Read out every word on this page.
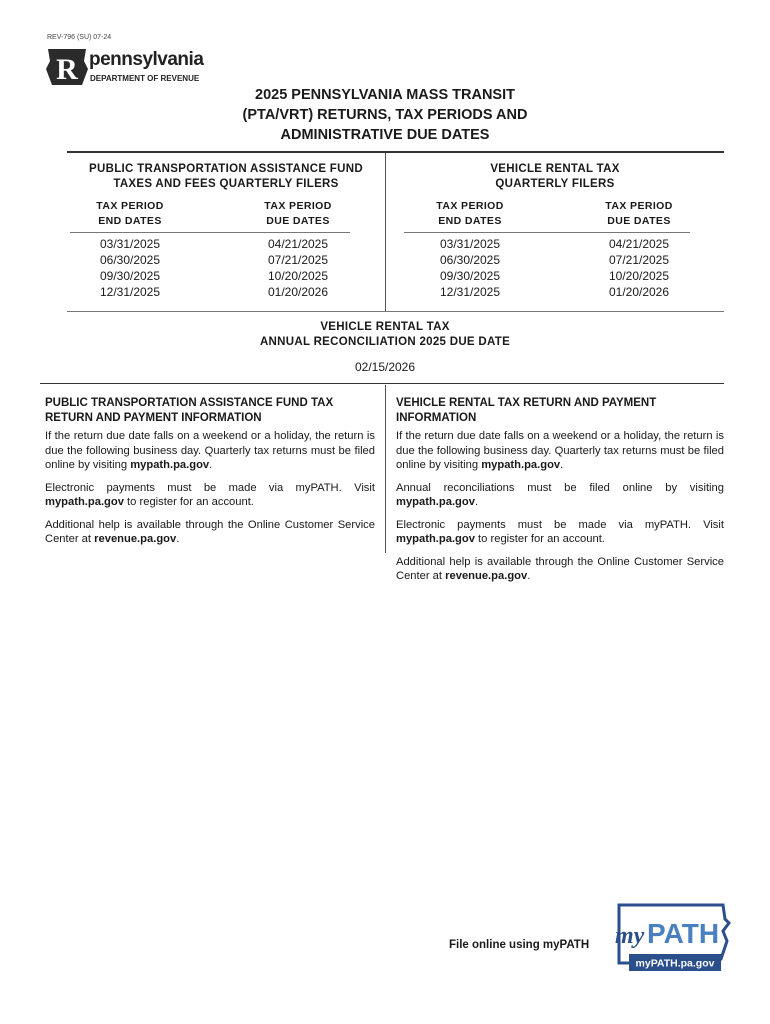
REV-796 (SU) 07-24
R pennsylvania
DEPARTMENT OF REVENUE
2025 PENNSYLVANIA MASS TRANSIT
(PTA/VRT) RETURNS, TAX PERIODS AND
ADMINISTRATIVE DUE DATES
PUBLIC TRANSPORTATION ASSISTANCE FUND
TAXES AND FEES QUARTERLY FILERS
TAX PERIOD
END DATES
TAX PERIOD
DUE DATES
03/31/2025
06/30/2025
09/30/2025
12/31/2025
04/21/2025
07/21/2025
10/20/2025
01/20/2026
VEHICLE RENTAL TAX
QUARTERLY FILERS
TAX PERIOD
END DATES
TAX PERIOD
DUE DATES
03/31/2025
06/30/2025
09/30/2025
12/31/2025
04/21/2025
07/21/2025
10/20/2025
01/20/2026
VEHICLE RENTAL TAX
ANNUAL RECONCILIATION 2025 DUE DATE
02/15/2026
PUBLIC TRANSPORTATION ASSISTANCE FUND TAX RETURN AND PAYMENT INFORMATION
If the return due date falls on a weekend or a holiday, the return is due the following business day. Quarterly tax returns must be filed online by visiting mypath.pa.gov.
Electronic payments must be made via myPATH. Visit mypath.pa.gov to register for an account.
Additional help is available through the Online Customer Service Center at revenue.pa.gov.
VEHICLE RENTAL TAX RETURN AND PAYMENT INFORMATION
If the return due date falls on a weekend or a holiday, the return is due the following business day. Quarterly tax returns must be filed online by visiting mypath.pa.gov.
Annual reconciliations must be filed online by visiting mypath.pa.gov.
Electronic payments must be made via myPATH. Visit mypath.pa.gov to register for an account.
Additional help is available through the Online Customer Service Center at revenue.pa.gov.
File online using myPATH my PATH
myPATH.pa.gov
